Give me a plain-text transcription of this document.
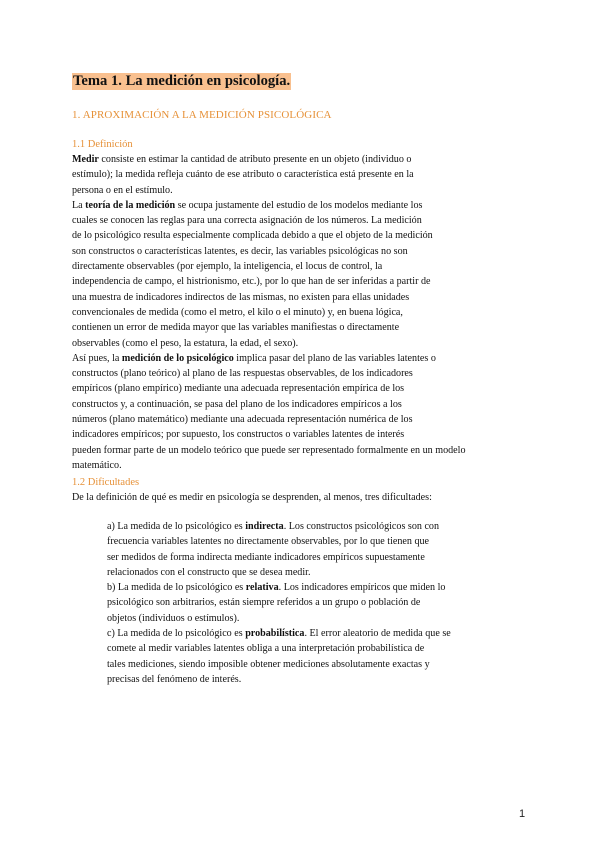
Tema 1. La medición en psicología.
1. APROXIMACIÓN A LA MEDICIÓN PSICOLÓGICA
1.1 Definición
Medir consiste en estimar la cantidad de atributo presente en un objeto (individuo o
estímulo); la medida refleja cuánto de ese atributo o característica está presente en la
persona o en el estímulo.
La teoría de la medición se ocupa justamente del estudio de los modelos mediante los
cuales se conocen las reglas para una correcta asignación de los números. La medición
de lo psicológico resulta especialmente complicada debido a que el objeto de la medición
son constructos o características latentes, es decir, las variables psicológicas no son
directamente observables (por ejemplo, la inteligencia, el locus de control, la
independencia de campo, el histrionismo, etc.), por lo que han de ser inferidas a partir de
una muestra de indicadores indirectos de las mismas, no existen para ellas unidades
convencionales de medida (como el metro, el kilo o el minuto) y, en buena lógica,
contienen un error de medida mayor que las variables manifiestas o directamente
observables (como el peso, la estatura, la edad, el sexo).
Así pues, la medición de lo psicológico implica pasar del plano de las variables latentes o
constructos (plano teórico) al plano de las respuestas observables, de los indicadores
empíricos (plano empírico) mediante una adecuada representación empírica de los
constructos y, a continuación, se pasa del plano de los indicadores empíricos a los
números (plano matemático) mediante una adecuada representación numérica de los
indicadores empíricos; por supuesto, los constructos o variables latentes de interés
pueden formar parte de un modelo teórico que puede ser representado formalmente en un modelo
matemático.
1.2 Dificultades
De la definición de qué es medir en psicología se desprenden, al menos, tres dificultades:
a) La medida de lo psicológico es indirecta. Los constructos psicológicos son con
frecuencia variables latentes no directamente observables, por lo que tienen que
ser medidos de forma indirecta mediante indicadores empíricos supuestamente
relacionados con el constructo que se desea medir.
b) La medida de lo psicológico es relativa. Los indicadores empíricos que miden lo
psicológico son arbitrarios, están siempre referidos a un grupo o población de
objetos (individuos o estímulos).
c) La medida de lo psicológico es probabilística. El error aleatorio de medida que se
comete al medir variables latentes obliga a una interpretación probabilística de
tales mediciones, siendo imposible obtener mediciones absolutamente exactas y
precisas del fenómeno de interés.
1
